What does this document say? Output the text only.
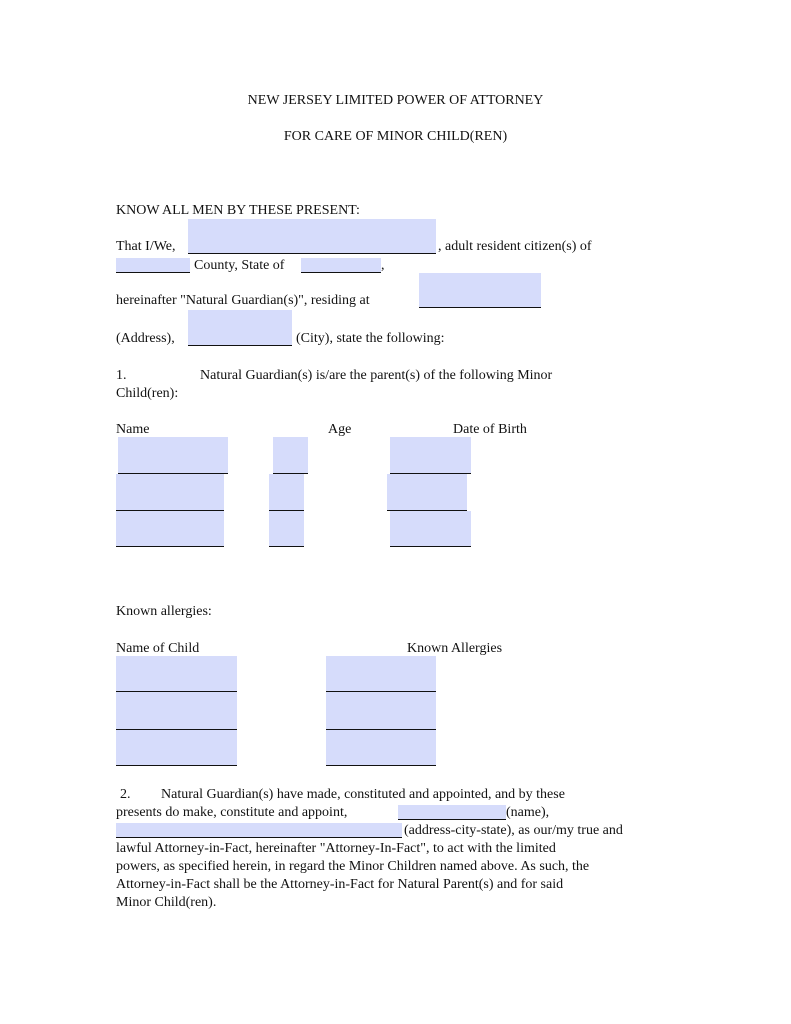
NEW JERSEY LIMITED POWER OF ATTORNEY
FOR CARE OF MINOR CHILD(REN)
KNOW ALL MEN BY THESE PRESENT:
That I/We,	, adult resident citizen(s) of
County, State of	,
hereinafter "Natural Guardian(s)", residing at
(Address),	(City), state the following:
1.	Natural Guardian(s) is/are the parent(s) of the following Minor
Child(ren):
Name	Age	Date of Birth
Known allergies:
Name of Child	Known Allergies
2. Natural Guardian(s) have made, constituted and appointed, and by these
presents do make, constitute and appoint,	(name),
(address-city-state), as our/my true and
lawful Attorney-in-Fact, hereinafter "Attorney-In-Fact", to act with the limited
powers, as specified herein, in regard the Minor Children named above. As such, the
Attorney-in-Fact shall be the Attorney-in-Fact for Natural Parent(s) and for said
Minor Child(ren).
